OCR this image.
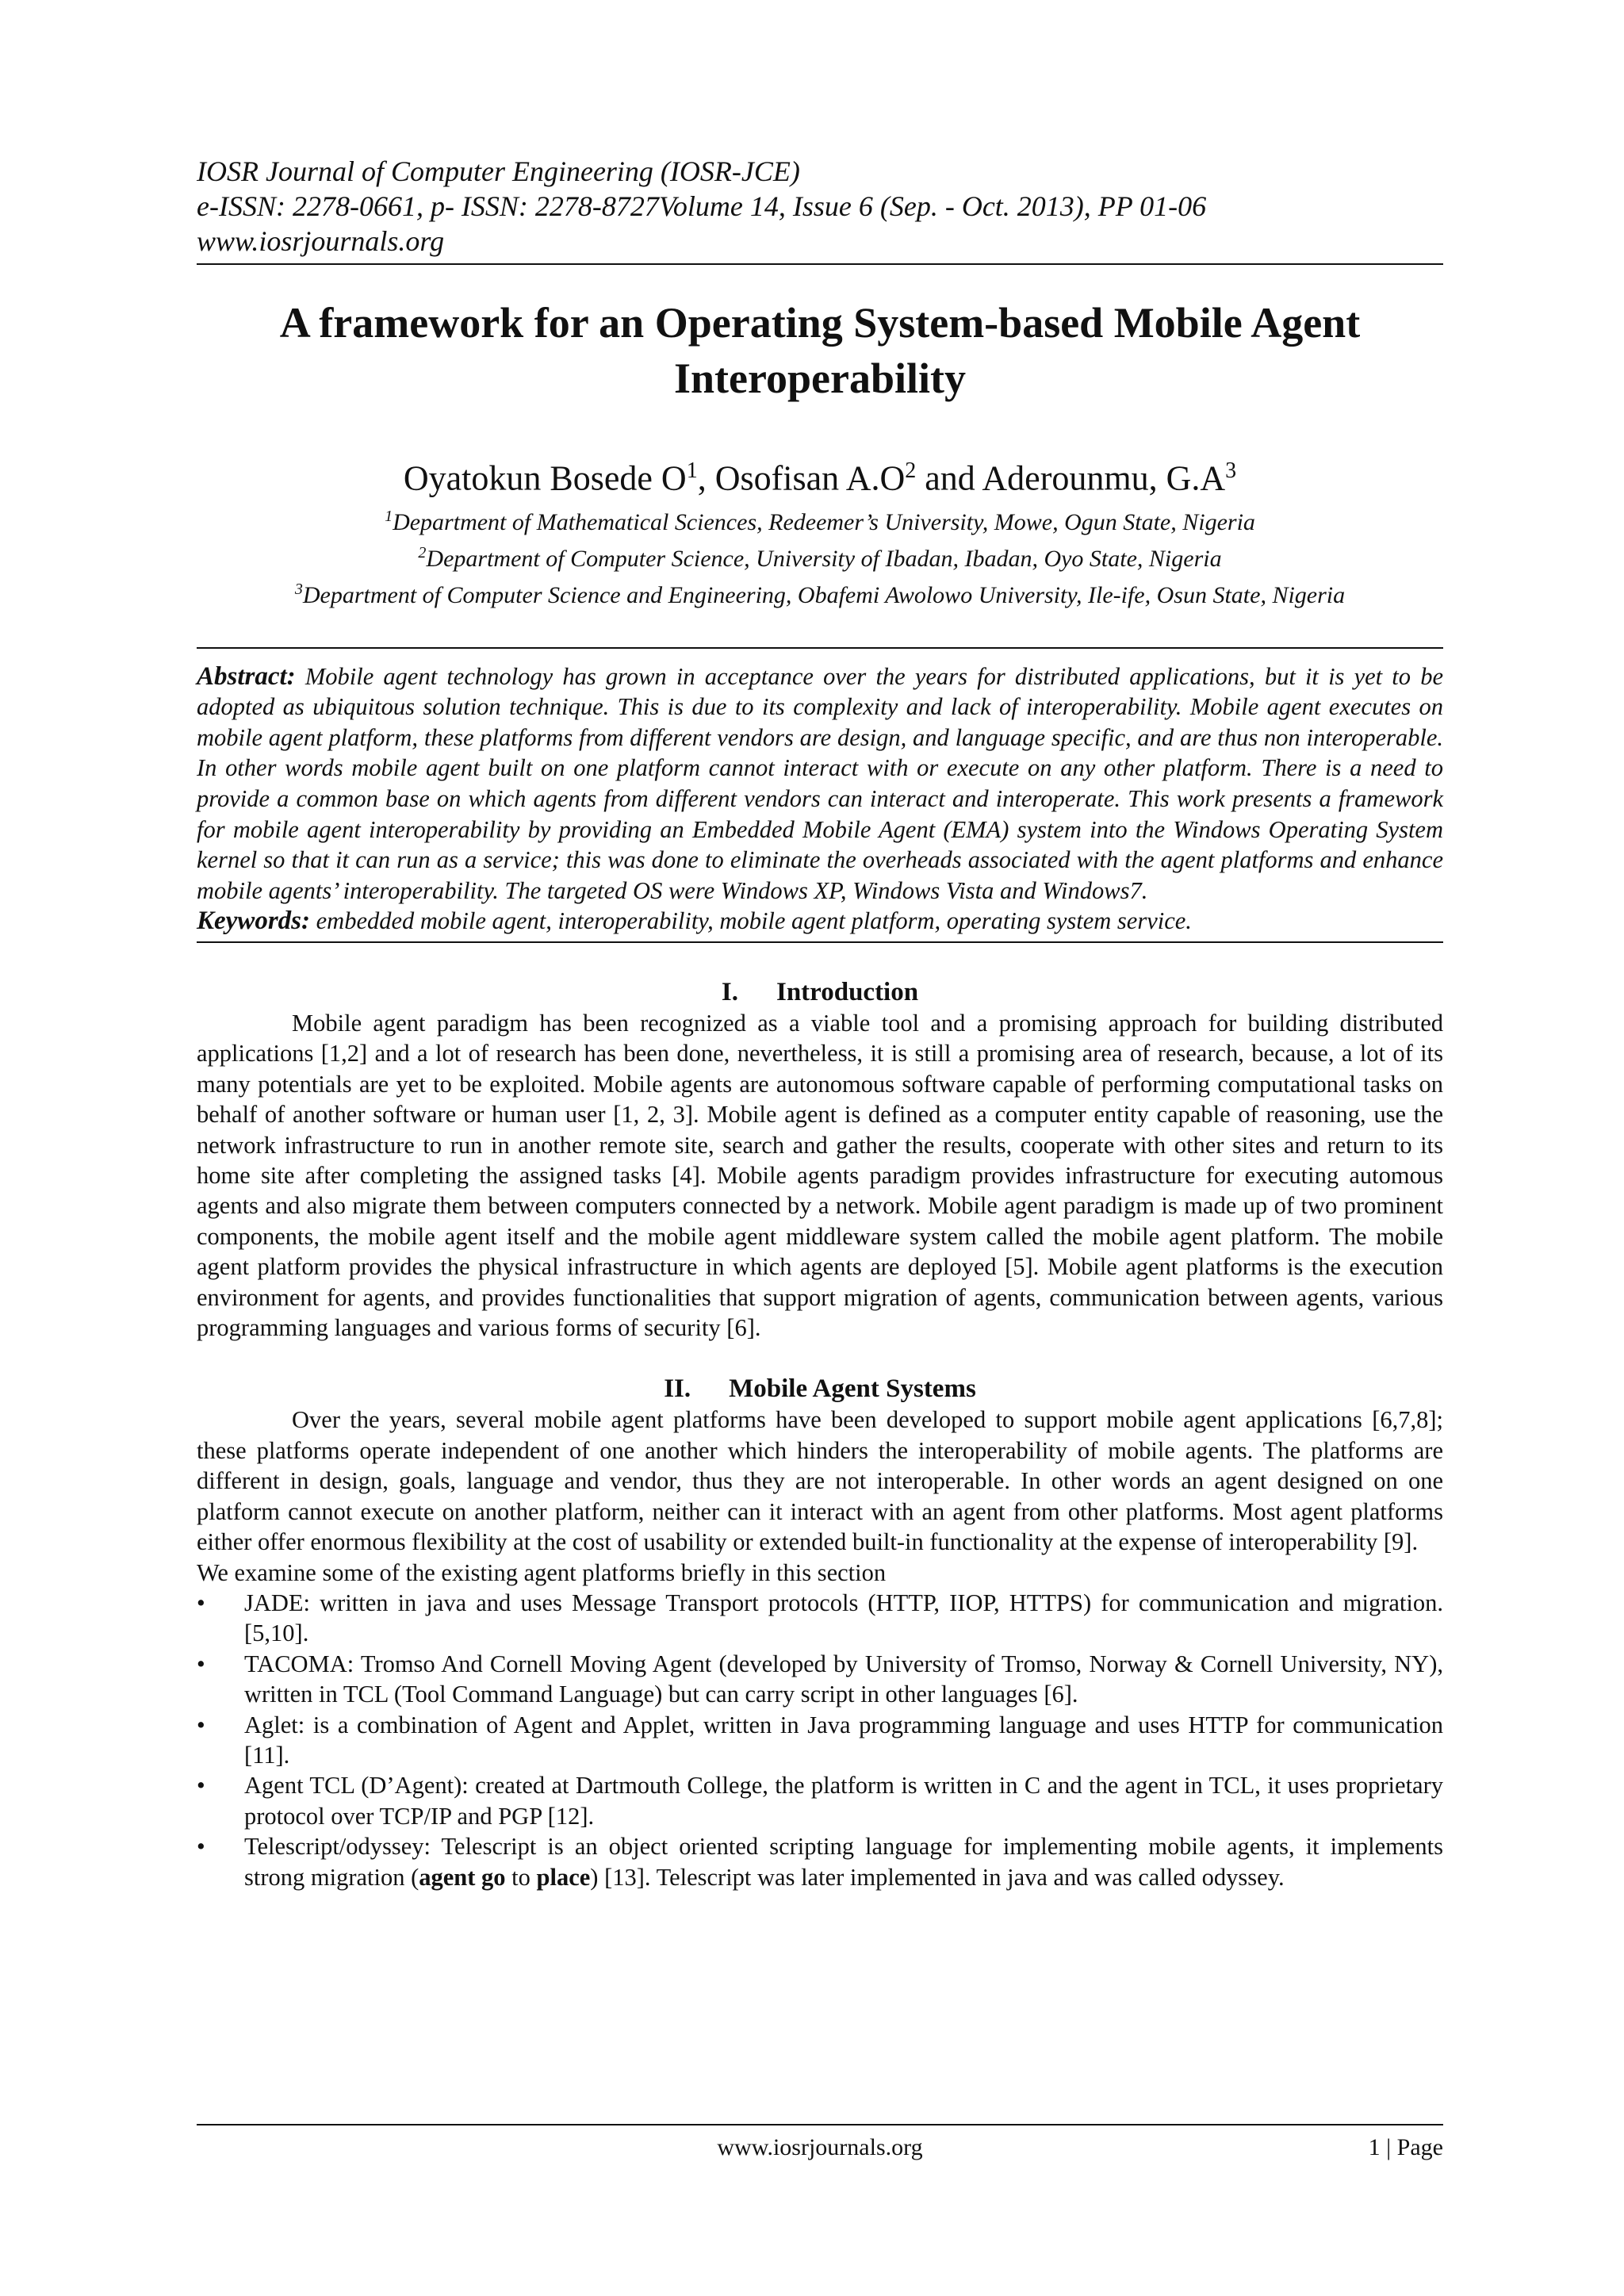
IOSR Journal of Computer Engineering (IOSR-JCE)
e-ISSN: 2278-0661, p- ISSN: 2278-8727Volume 14, Issue 6 (Sep. - Oct. 2013), PP 01-06
www.iosrjournals.org
A framework for an Operating System-based Mobile Agent
Interoperability
Oyatokun Bosede $O^1$, Osofisan $A.O^2$ and Aderounmu, $G.A^3$
$^1$Department of Mathematical Sciences, Redeemer’s University, Mowe, Ogun State, Nigeria
$^2$Department of Computer Science, University of Ibadan, Ibadan, Oyo State, Nigeria
$^3$Department of Computer Science and Engineering, Obafemi Awolowo University, Ile-ife, Osun State, Nigeria
Abstract: Mobile agent technology has grown in acceptance over the years for distributed applications, but it is yet to be adopted as ubiquitous solution technique. This is due to its complexity and lack of interoperability. Mobile agent executes on mobile agent platform, these platforms from different vendors are design, and language specific, and are thus non interoperable. In other words mobile agent built on one platform cannot interact with or execute on any other platform. There is a need to provide a common base on which agents from different vendors can interact and interoperate. This work presents a framework for mobile agent interoperability by providing an Embedded Mobile Agent (EMA) system into the Windows Operating System kernel so that it can run as a service; this was done to eliminate the overheads associated with the agent platforms and enhance mobile agents’ interoperability. The targeted OS were Windows XP, Windows Vista and Windows7.
Keywords: embedded mobile agent, interoperability, mobile agent platform, operating system service.
I. Introduction
Mobile agent paradigm has been recognized as a viable tool and a promising approach for building distributed applications [1,2] and a lot of research has been done, nevertheless, it is still a promising area of research, because, a lot of its many potentials are yet to be exploited. Mobile agents are autonomous software capable of performing computational tasks on behalf of another software or human user [1, 2, 3]. Mobile agent is defined as a computer entity capable of reasoning, use the network infrastructure to run in another remote site, search and gather the results, cooperate with other sites and return to its home site after completing the assigned tasks [4]. Mobile agents paradigm provides infrastructure for executing automous agents and also migrate them between computers connected by a network. Mobile agent paradigm is made up of two prominent components, the mobile agent itself and the mobile agent middleware system called the mobile agent platform. The mobile agent platform provides the physical infrastructure in which agents are deployed [5]. Mobile agent platforms is the execution environment for agents, and provides functionalities that support migration of agents, communication between agents, various programming languages and various forms of security [6].
II. Mobile Agent Systems
Over the years, several mobile agent platforms have been developed to support mobile agent applications [6,7,8]; these platforms operate independent of one another which hinders the interoperability of mobile agents. The platforms are different in design, goals, language and vendor, thus they are not interoperable. In other words an agent designed on one platform cannot execute on another platform, neither can it interact with an agent from other platforms. Most agent platforms either offer enormous flexibility at the cost of usability or extended built-in functionality at the expense of interoperability [9].
We examine some of the existing agent platforms briefly in this section
• JADE: written in java and uses Message Transport protocols (HTTP, IIOP, HTTPS) for communication and migration.[5,10].
• TACOMA: Tromso And Cornell Moving Agent (developed by University of Tromso, Norway & Cornell University, NY), written in TCL (Tool Command Language) but can carry script in other languages [6].
• Aglet: is a combination of Agent and Applet, written in Java programming language and uses HTTP for communication [11].
• Agent TCL (D’Agent): created at Dartmouth College, the platform is written in C and the agent in TCL, it uses proprietary protocol over TCP/IP and PGP [12].
• Telescript/odyssey: Telescript is an object oriented scripting language for implementing mobile agents, it implements strong migration (agent go to place) [13]. Telescript was later implemented in java and was called odyssey.
www.iosrjournals.org	1 | Page
